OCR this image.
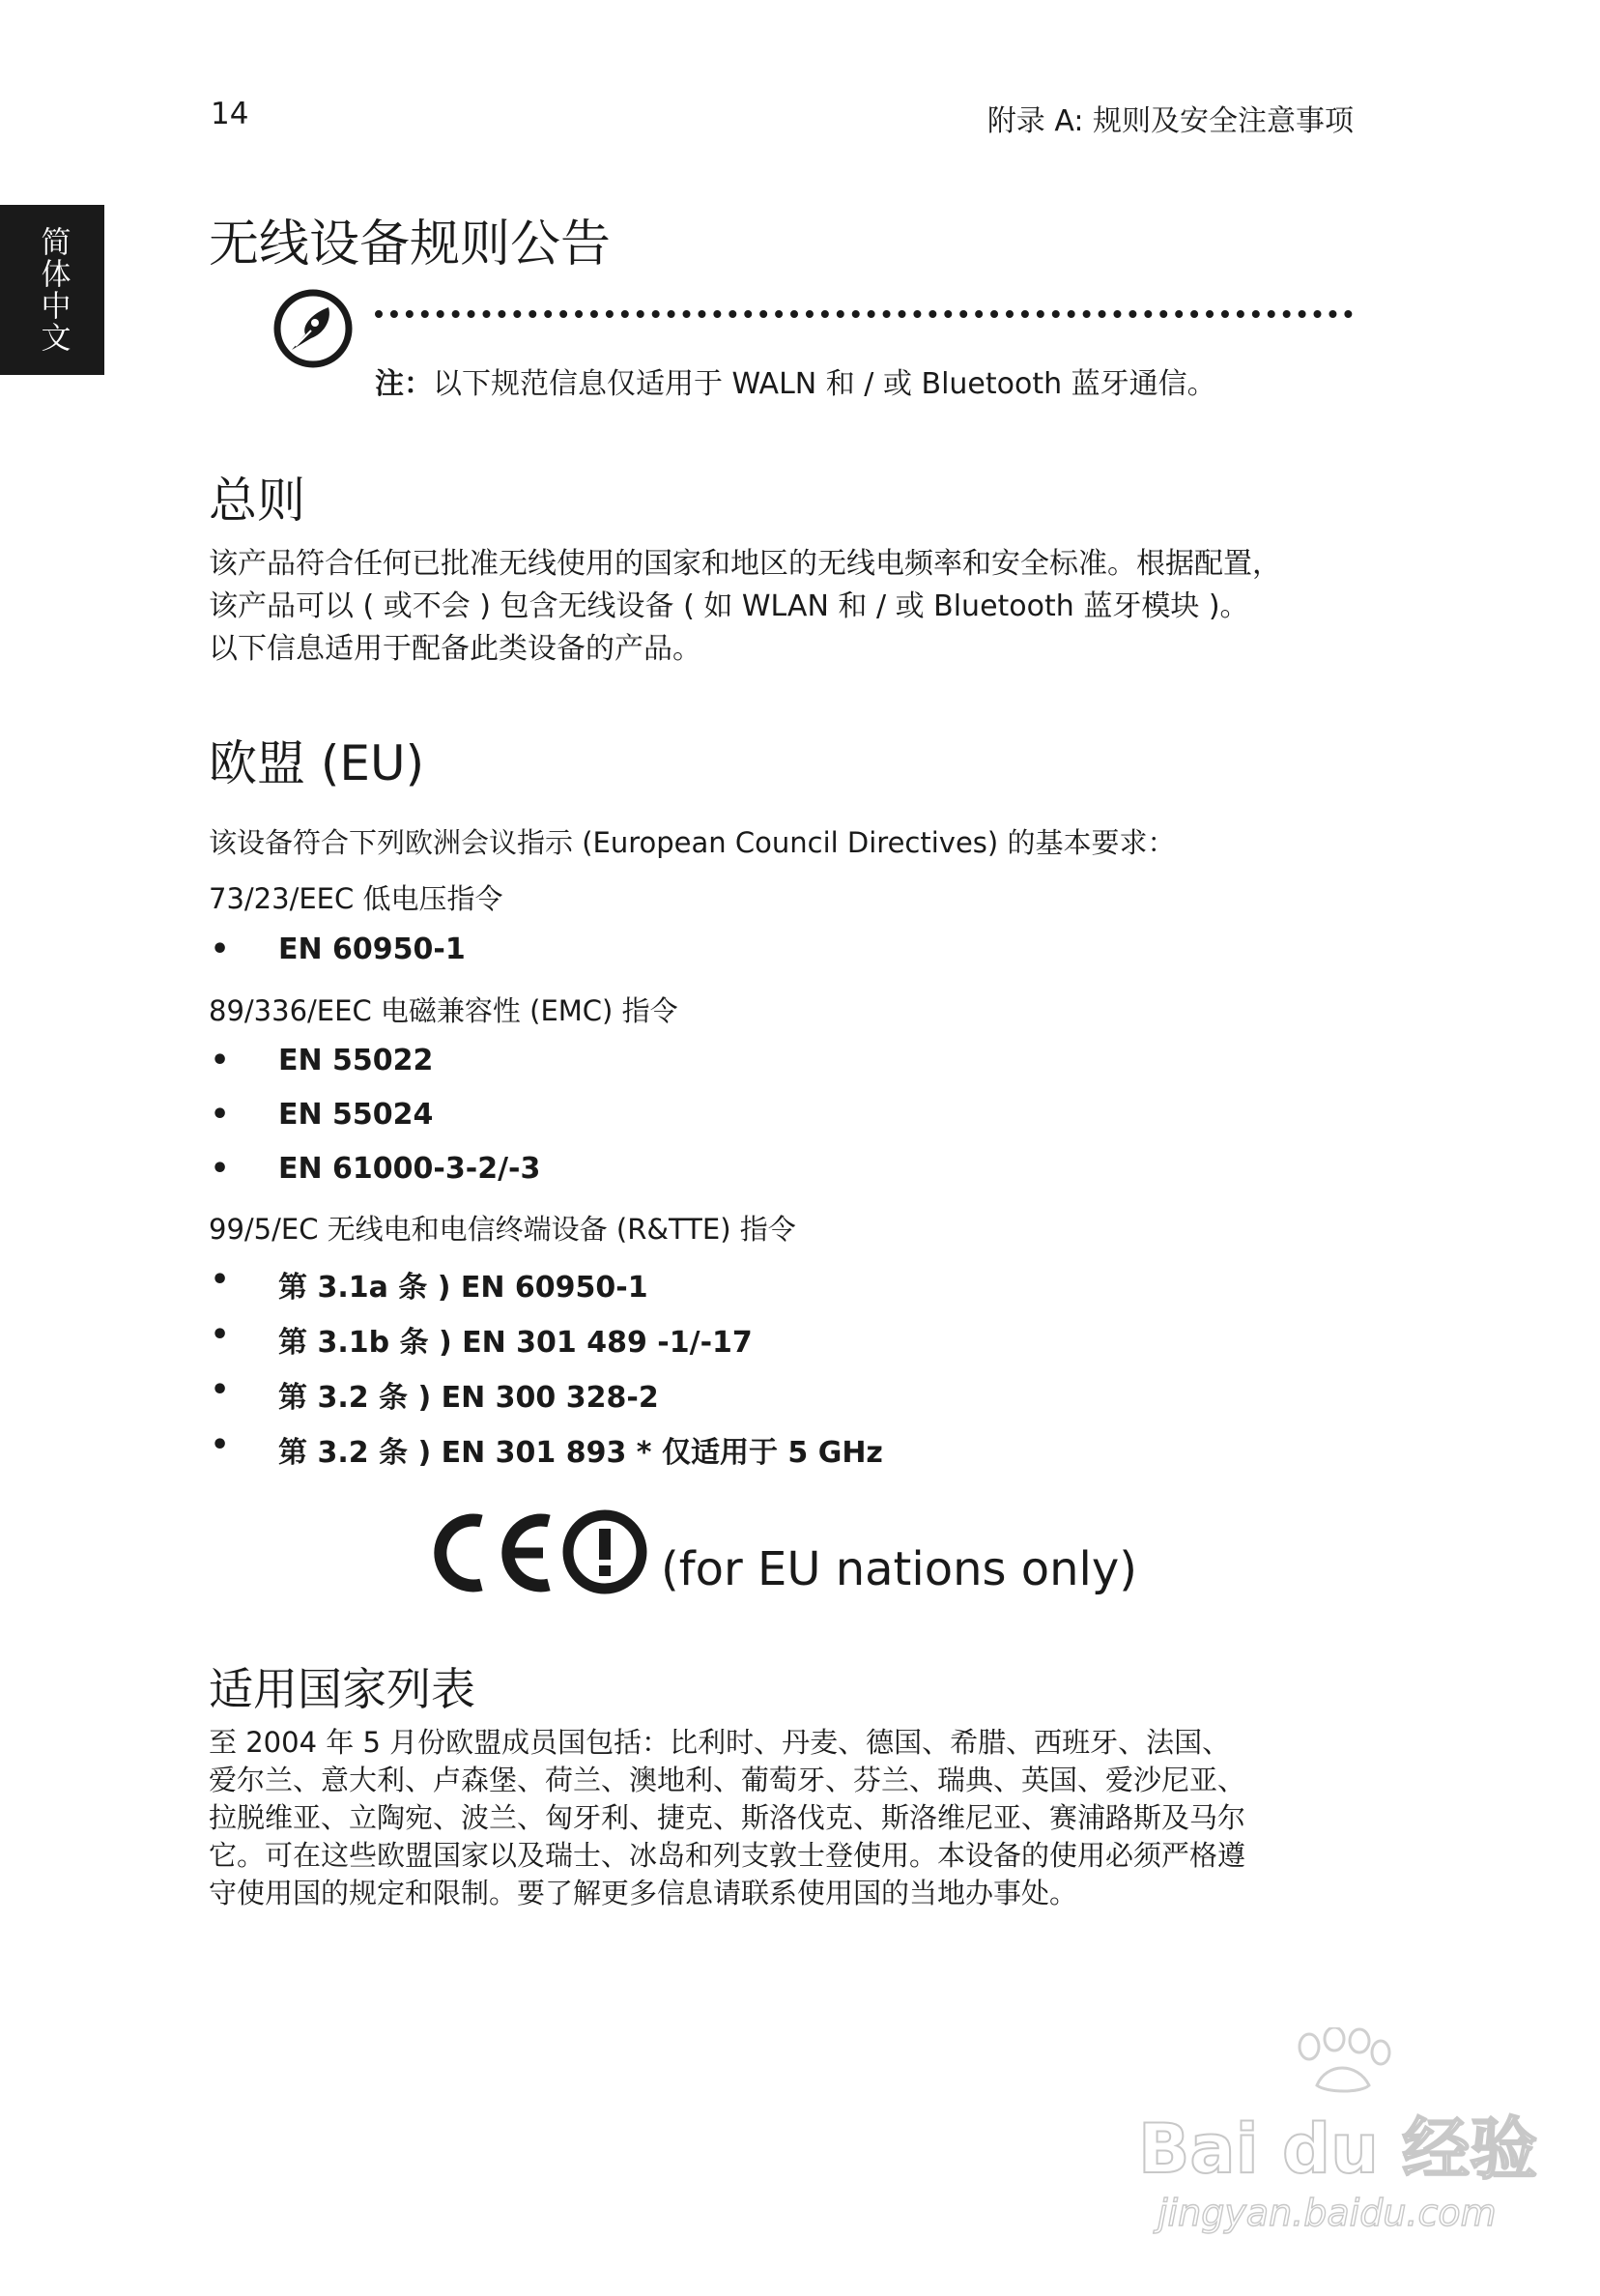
14	附录 A: 规则及安全注意事项
简体中文	无线设备规则公告
注：以下规范信息仅适用于 WALN 和 / 或 Bluetooth 蓝牙通信。
总则
该产品符合任何已批准无线使用的国家和地区的无线电频率和安全标准。根据配置，
该产品可以 ( 或不会 ) 包含无线设备 ( 如 WLAN 和 / 或 Bluetooth 蓝牙模块 )。
以下信息适用于配备此类设备的产品。
欧盟 (EU)
该设备符合下列欧洲会议指示 (European Council Directives) 的基本要求：
73/23/EEC 低电压指令
•	EN 60950-1
89/336/EEC 电磁兼容性 (EMC) 指令
•	EN 55022
•	EN 55024
•	EN 61000-3-2/-3
99/5/EC 无线电和电信终端设备 (R&TTE) 指令
•	第 3.1a 条 ) EN 60950-1
•	第 3.1b 条 ) EN 301 489 -1/-17
•	第 3.2 条 ) EN 300 328-2
•	第 3.2 条 ) EN 301 893 * 仅适用于 5 GHz
(for EU nations only)
适用国家列表
至 2004 年 5 月份欧盟成员国包括：比利时、丹麦、德国、希腊、西班牙、法国、
爱尔兰、意大利、卢森堡、荷兰、澳地利、葡萄牙、芬兰、瑞典、英国、爱沙尼亚、
拉脱维亚、立陶宛、波兰、匈牙利、捷克、斯洛伐克、斯洛维尼亚、赛浦路斯及马尔
它。可在这些欧盟国家以及瑞士、冰岛和列支敦士登使用。本设备的使用必须严格遵
守使用国的规定和限制。要了解更多信息请联系使用国的当地办事处。
Bai du 经验
jingyan.baidu.com
